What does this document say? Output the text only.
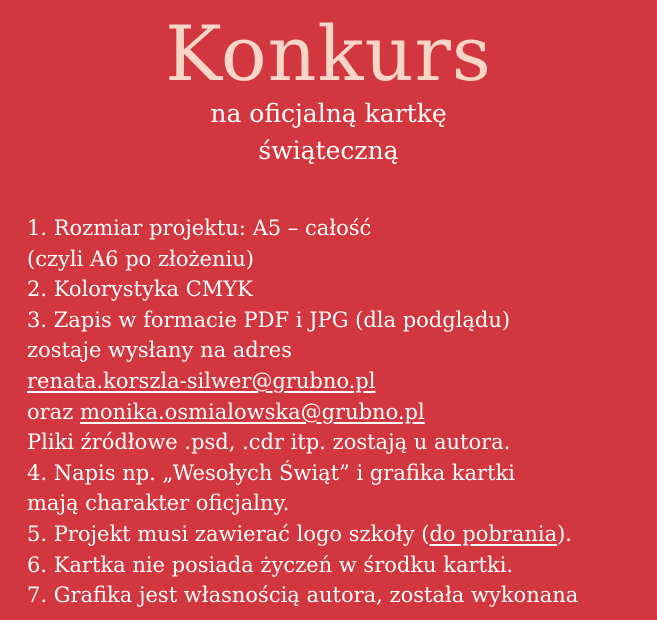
Konkurs
na oficjalną kartkę
świąteczną
1. Rozmiar projektu: A5 – całość
(czyli A6 po złożeniu)
2. Kolorystyka CMYK
3. Zapis w formacie PDF i JPG (dla podglądu)
zostaje wysłany na adres
renata.korszla-silwer@grubno.pl
oraz monika.osmialowska@grubno.pl
Pliki źródłowe .psd, .cdr itp. zostają u autora.
4. Napis np. „Wesołych Świąt” i grafika kartki
mają charakter oficjalny.
5. Projekt musi zawierać logo szkoły (do pobrania).
6. Kartka nie posiada życzeń w środku kartki.
7. Grafika jest własnością autora, została wykonana
